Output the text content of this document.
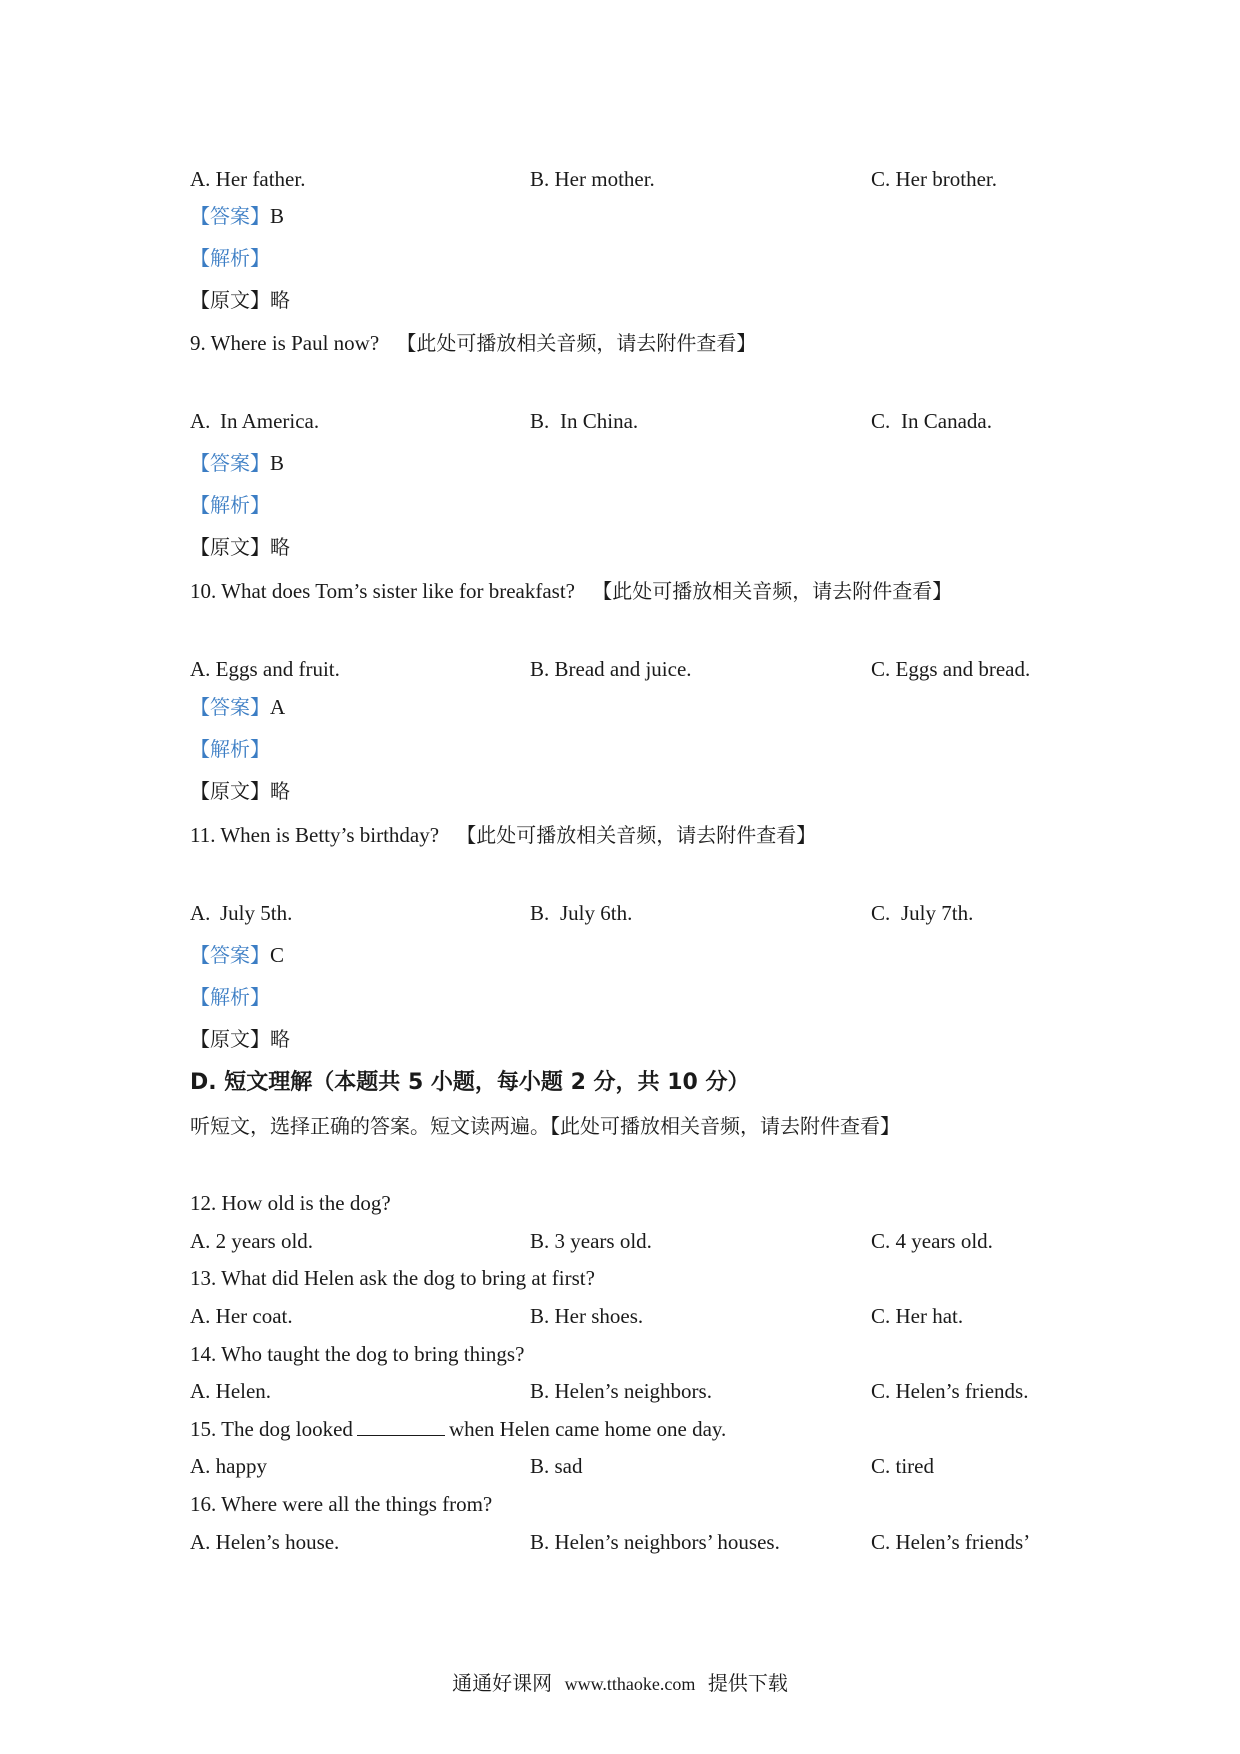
A. Her father.	B. Her mother.	C. Her brother.
【答案】B
【解析】
【原文】略
9. Where is Paul now? 【此处可播放相关音频，请去附件查看】
A. In America.	B. In China.	C. In Canada.
【答案】B
【解析】
【原文】略
10. What does Tom’s sister like for breakfast? 【此处可播放相关音频，请去附件查看】
A. Eggs and fruit.	B. Bread and juice.	C. Eggs and bread.
【答案】A
【解析】
【原文】略
11. When is Betty’s birthday? 【此处可播放相关音频，请去附件查看】
A. July 5th.	B. July 6th.	C. July 7th.
【答案】C
【解析】
【原文】略
D. 短文理解（本题共 5 小题，每小题 2 分，共 10 分）
听短文，选择正确的答案。短文读两遍。【此处可播放相关音频，请去附件查看】
12. How old is the dog?
A. 2 years old.	B. 3 years old.	C. 4 years old.
13. What did Helen ask the dog to bring at first?
A. Her coat.	B. Her shoes.	C. Her hat.
14. Who taught the dog to bring things?
A. Helen.	B. Helen’s neighbors.	C. Helen’s friends.
15. The dog looked	when Helen came home one day.
A. happy	B. sad	C. tired
16. Where were all the things from?
A. Helen’s house.	B. Helen’s neighbors’ houses.	C. Helen’s friends’
通通好课网 www.tthaoke.com 提供下载
